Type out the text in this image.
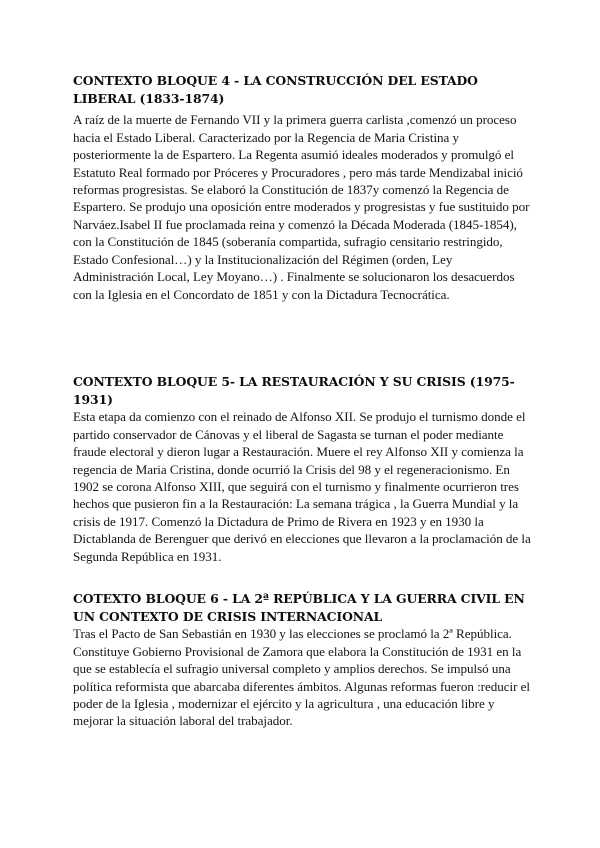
CONTEXTO BLOQUE 4 - LA CONSTRUCCIÓN DEL ESTADO LIBERAL (1833-1874)

A raíz de la muerte de Fernando VII y la primera guerra carlista ,comenzó un proceso hacia el Estado Liberal. Caracterizado por la Regencia de Maria Cristina y posteriormente la de Espartero. La Regenta asumió ideales moderados y promulgó el Estatuto Real formado por Próceres y Procuradores , pero más tarde Mendizabal inició reformas progresistas. Se elaboró la Constitución de 1837y comenzó la Regencia de Espartero. Se produjo una oposición entre moderados y progresistas y fue sustituido por Narváez.Isabel II fue proclamada reina y comenzó la Década Moderada (1845-1854), con la Constitución de 1845 (soberanía compartida, sufragio censitario restringido, Estado Confesional…) y la Institucionalización del Régimen (orden, Ley Administración Local, Ley Moyano…) . Finalmente se solucionaron los desacuerdos con la Iglesia en el Concordato de 1851 y con la Dictadura Tecnocrática.

CONTEXTO BLOQUE 5- LA RESTAURACIÓN Y SU CRISIS (1975-1931)

Esta etapa da comienzo con el reinado de Alfonso XII. Se produjo el turnismo donde el partido conservador de Cánovas y el liberal de Sagasta se turnan el poder mediante fraude electoral y dieron lugar a Restauración. Muere el rey Alfonso XII y comienza la regencia de Maria Cristina, donde ocurrió la Crisis del 98 y el regeneracionismo. En 1902 se corona Alfonso XIII, que seguirá con el turnismo y finalmente ocurrieron tres hechos que pusieron fin a la Restauración: La semana trágica , la Guerra Mundial y la crisis de 1917. Comenzó la Dictadura de Primo de Rivera en 1923 y en 1930 la Dictablanda de Berenguer que derivó en elecciones que llevaron a la proclamación de la Segunda República en 1931.

COTEXTO BLOQUE 6 - LA 2ª REPÚBLICA Y LA GUERRA CIVIL EN UN CONTEXTO DE CRISIS INTERNACIONAL

Tras el Pacto de San Sebastián en 1930 y las elecciones se proclamó la 2ª República. Constituye Gobierno Provisional de Zamora que elabora la Constitución de 1931 en la que se establecía el sufragio universal completo y amplios derechos. Se impulsó una política reformista que abarcaba diferentes ámbitos. Algunas reformas fueron :reducir el poder de la Iglesia , modernizar el ejército y la agricultura , una educación libre y mejorar la situación laboral del trabajador.
